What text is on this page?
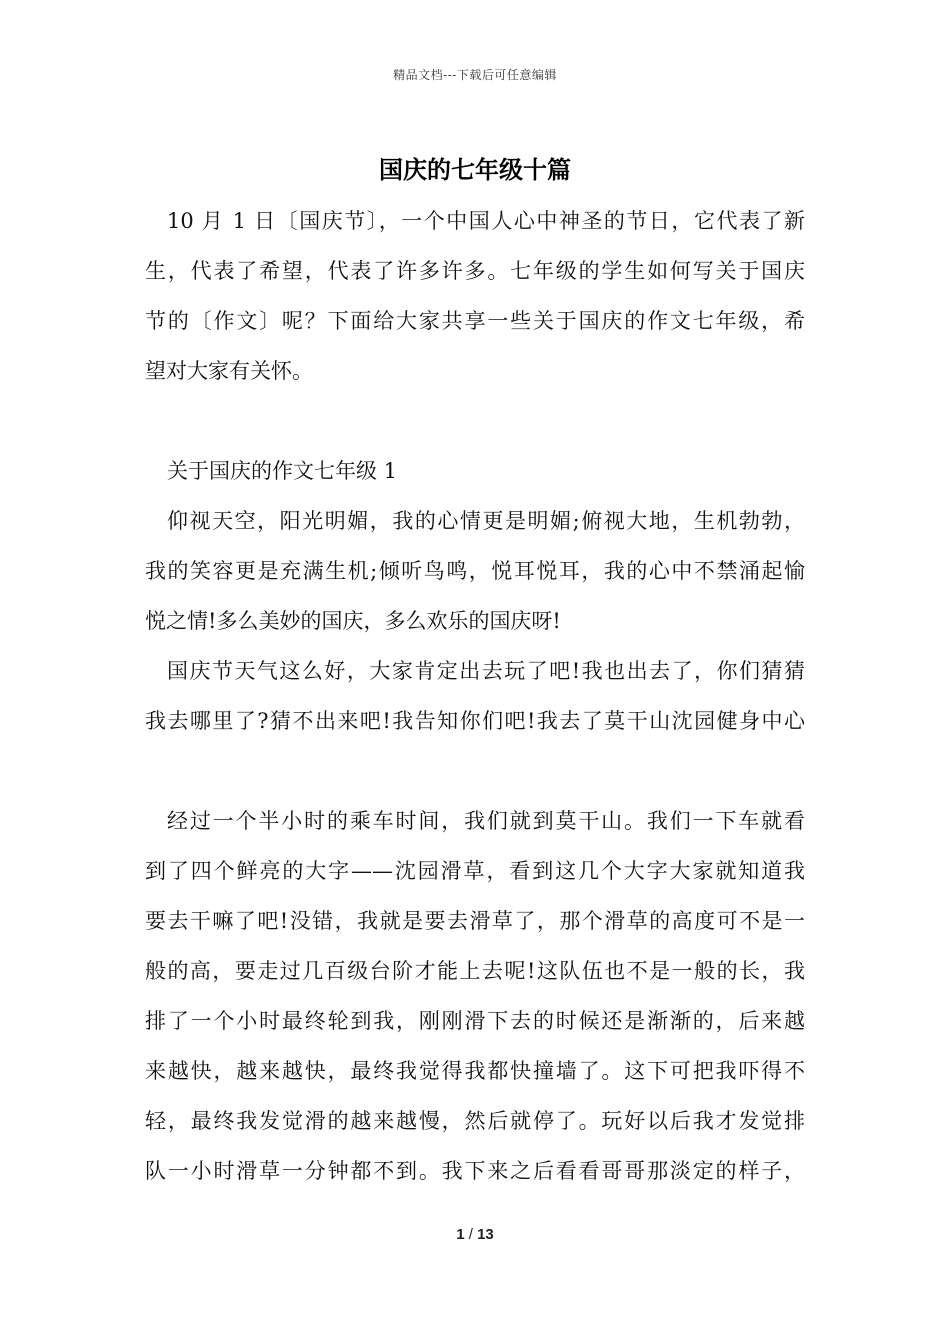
精品文档---下载后可任意编辑
国庆的七年级十篇
10 月 1 日〔国庆节〕，一个中国人心中神圣的节日，它代表了新
生，代表了希望，代表了许多许多。七年级的学生如何写关于国庆
节的〔作文〕呢？下面给大家共享一些关于国庆的作文七年级，希
望对大家有关怀。
关于国庆的作文七年级 1
仰视天空，阳光明媚，我的心情更是明媚;俯视大地，生机勃勃，
我的笑容更是充满生机;倾听鸟鸣，悦耳悦耳，我的心中不禁涌起愉
悦之情!多么美妙的国庆，多么欢乐的国庆呀!
国庆节天气这么好，大家肯定出去玩了吧!我也出去了，你们猜猜
我去哪里了?猜不出来吧!我告知你们吧!我去了莫干山沈园健身中心
经过一个半小时的乘车时间，我们就到莫干山。我们一下车就看
到了四个鲜亮的大字——沈园滑草，看到这几个大字大家就知道我
要去干嘛了吧!没错，我就是要去滑草了，那个滑草的高度可不是一
般的高，要走过几百级台阶才能上去呢!这队伍也不是一般的长，我
排了一个小时最终轮到我，刚刚滑下去的时候还是渐渐的，后来越
来越快，越来越快，最终我觉得我都快撞墙了。这下可把我吓得不
轻，最终我发觉滑的越来越慢，然后就停了。玩好以后我才发觉排
队一小时滑草一分钟都不到。我下来之后看看哥哥那淡定的样子，
1 / 13
